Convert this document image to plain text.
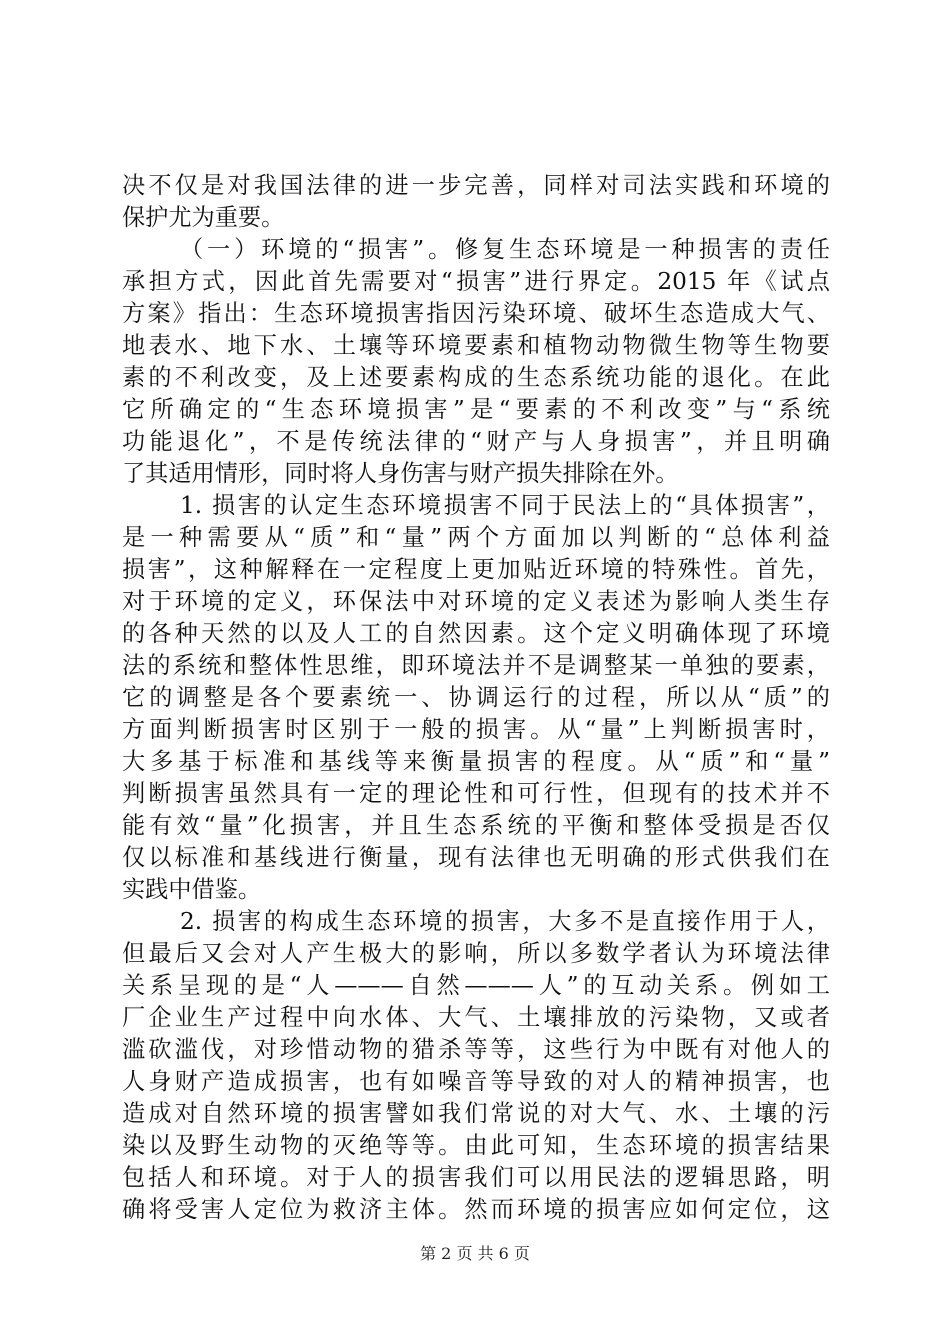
决不仅是对我国法律的进一步完善，同样对司法实践和环境的
保护尤为重要。
（一）环境的“损害”。修复生态环境是一种损害的责任
承担方式，因此首先需要对“损害”进行界定。2015 年《试点
方案》指出：生态环境损害指因污染环境、破坏生态造成大气、
地表水、地下水、土壤等环境要素和植物动物微生物等生物要
素的不利改变，及上述要素构成的生态系统功能的退化。在此
它所确定的“生态环境损害”是“要素的不利改变”与“系统
功能退化”，不是传统法律的“财产与人身损害”，并且明确
了其适用情形，同时将人身伤害与财产损失排除在外。
1. 损害的认定生态环境损害不同于民法上的“具体损害”，
是一种需要从“质”和“量”两个方面加以判断的“总体利益
损害”，这种解释在一定程度上更加贴近环境的特殊性。首先，
对于环境的定义，环保法中对环境的定义表述为影响人类生存
的各种天然的以及人工的自然因素。这个定义明确体现了环境
法的系统和整体性思维，即环境法并不是调整某一单独的要素，
它的调整是各个要素统一、协调运行的过程，所以从“质”的
方面判断损害时区别于一般的损害。从“量”上判断损害时，
大多基于标准和基线等来衡量损害的程度。从“质”和“量”
判断损害虽然具有一定的理论性和可行性，但现有的技术并不
能有效“量”化损害，并且生态系统的平衡和整体受损是否仅
仅以标准和基线进行衡量，现有法律也无明确的形式供我们在
实践中借鉴。
2. 损害的构成生态环境的损害，大多不是直接作用于人，
但最后又会对人产生极大的影响，所以多数学者认为环境法律
关系呈现的是“人———自然———人”的互动关系。例如工
厂企业生产过程中向水体、大气、土壤排放的污染物，又或者
滥砍滥伐，对珍惜动物的猎杀等等，这些行为中既有对他人的
人身财产造成损害，也有如噪音等导致的对人的精神损害，也
造成对自然环境的损害譬如我们常说的对大气、水、土壤的污
染以及野生动物的灭绝等等。由此可知，生态环境的损害结果
包括人和环境。对于人的损害我们可以用民法的逻辑思路，明
确将受害人定位为救济主体。然而环境的损害应如何定位，这
第 2 页 共 6 页
